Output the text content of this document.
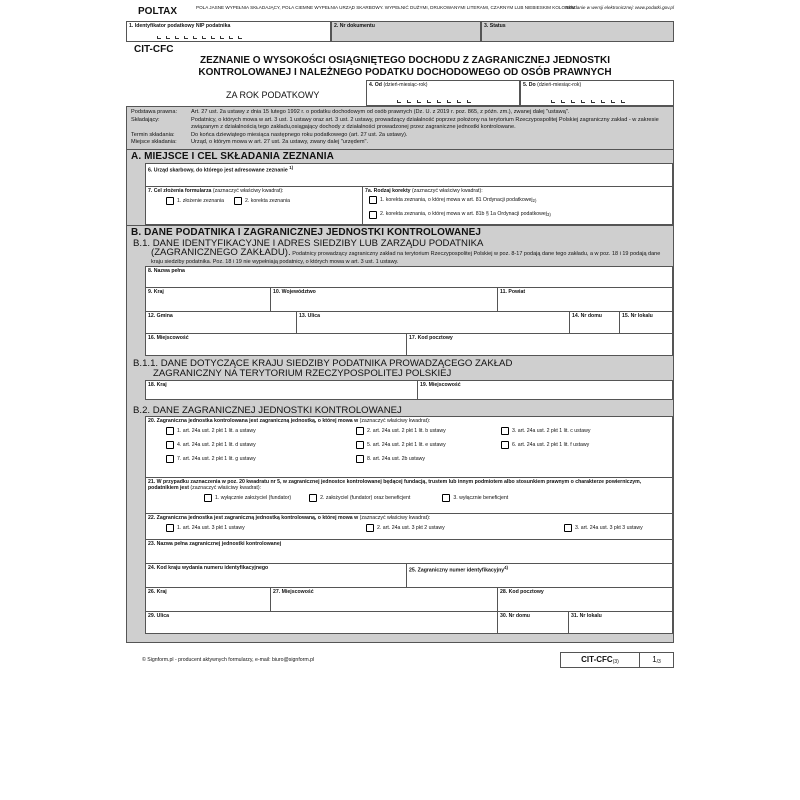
POLTAX	POLA JASNE WYPEŁNIA SKŁADAJĄCY, POLA CIEMNE WYPEŁNIA URZĄD SKARBOWY. WYPEŁNIĆ DUŻYMI, DRUKOWANYMI LITERAMI, CZARNYM LUB NIEBIESKIM KOLOREM
Składanie w wersji elektronicznej: www.podatki.gov.pl
1. Identyfikator podatkowy NIP podatnika	2. Nr dokumentu	3. Status
CIT-CFC
ZEZNANIE O WYSOKOŚCI OSIĄGNIĘTEGO DOCHODU Z ZAGRANICZNEJ JEDNOSTKI
KONTROLOWANEJ I NALEŻNEGO PODATKU DOCHODOWEGO OD OSÓB PRAWNYCH
ZA ROK PODATKOWY
4. Od (dzień-miesiąc-rok)	5. Do (dzień-miesiąc-rok)
Podstawa prawna:	Art. 27 ust. 2a ustawy z dnia 15 lutego 1992 r. o podatku dochodowym od osób prawnych (Dz. U. z 2019 r. poz. 865, z późn. zm.), zwanej dalej "ustawą".
Składający:	Podatnicy, o których mowa w art. 3 ust. 1 ustawy oraz art. 3 ust. 2 ustawy, prowadzący działalność poprzez położony na terytorium Rzeczypospolitej Polskiej zagraniczny zakład - w zakresie związanym z działalnością tego zakładu,osiągający dochody z działalności prowadzonej przez zagraniczne jednostki kontrolowane.
Termin składania:	Do końca dziewiątego miesiąca następnego roku podatkowego (art. 27 ust. 2a ustawy).
Miejsce składania:	Urząd, o którym mowa w art. 27 ust. 2a ustawy, zwany dalej "urzędem".
A. MIEJSCE I CEL SKŁADANIA ZEZNANIA
6. Urząd skarbowy, do którego jest adresowane zeznanie $^{1)}$
7. Cel złożenia formularza (zaznaczyć właściwy kwadrat):
1. złożenie zeznania	2. korekta zeznania
7a. Rodzaj korekty (zaznaczyć właściwy kwadrat):
1. korekta zeznania, o której mowa w art. 81 Ordynacji podatkowej 2)

2. korekta zeznania, o której mowa w art. 81b § 1a Ordynacji podatkowej 3)
B. DANE PODATNIKA I ZAGRANICZNEJ JEDNOSTKI KONTROLOWANEJ
B.1. DANE IDENTYFIKACYJNE I ADRES SIEDZIBY LUB ZARZĄDU PODATNIKA
(ZAGRANICZNEGO ZAKŁADU). Podatnicy prowadzący zagraniczny zakład na terytorium Rzeczypospolitej Polskiej w poz. 8-17 podają dane tego zakładu, a w poz. 18 i 19 podają dane kraju siedziby podatnika. Poz. 18 i 19 nie wypełniają podatnicy, o których mowa w art. 3 ust. 1 ustawy.
8. Nazwa pełna
9. Kraj	10. Województwo	11. Powiat
12. Gmina	13. Ulica	14. Nr domu	15. Nr lokalu
16. Miejscowość	17. Kod pocztowy
B.1.1. DANE DOTYCZĄCE KRAJU SIEDZIBY PODATNIKA PROWADZĄCEGO ZAKŁAD
ZAGRANICZNY NA TERYTORIUM RZECZYPOSPOLITEJ POLSKIEJ
18. Kraj	19. Miejscowość
B.2. DANE ZAGRANICZNEJ JEDNOSTKI KONTROLOWANEJ
20. Zagraniczna jednostka kontrolowana jest zagraniczną jednostką, o której mowa w (zaznaczyć właściwy kwadrat):
1. art. 24a ust. 2 pkt 1 lit. a ustawy	2. art. 24a ust. 2 pkt 1 lit. b ustawy	3. art. 24a ust. 2 pkt 1 lit. c ustawy
4. art. 24a ust. 2 pkt 1 lit. d ustawy	5. art. 24a ust. 2 pkt 1 lit. e ustawy	6. art. 24a ust. 2 pkt 1 lit. f ustawy
7. art. 24a ust. 2 pkt 1 lit. g ustawy	8. art. 24a ust. 2b ustawy
21. W przypadku zaznaczenia w poz. 20 kwadratu nr 5, w zagranicznej jednostce kontrolowanej będącej fundacją, trustem lub innym podmiotem albo stosunkiem prawnym o charakterze powierniczym, podatnikiem jest (zaznaczyć właściwy kwadrat):
1. wyłącznie założyciel (fundator)	2. założyciel (fundator) oraz beneficjent	3. wyłącznie beneficjent
22. Zagraniczna jednostka jest zagraniczną jednostką kontrolowaną, o której mowa w (zaznaczyć właściwy kwadrat):
1. art. 24a ust. 3 pkt 1 ustawy	2. art. 24a ust. 3 pkt 2 ustawy	3. art. 24a ust. 3 pkt 3 ustawy
23. Nazwa pełna zagranicznej jednostki kontrolowanej
24. Kod kraju wydania numeru identyfikacyjnego	25. Zagraniczny numer identyfikacyjny$^{4)}$
26. Kraj	27. Miejscowość	28. Kod pocztowy
29. Ulica	30. Nr domu	31. Nr lokalu
© Signform.pl - producent aktywnych formularzy, e-mail: biuro@signform.pl	CIT-CFC (3)	1 /3
